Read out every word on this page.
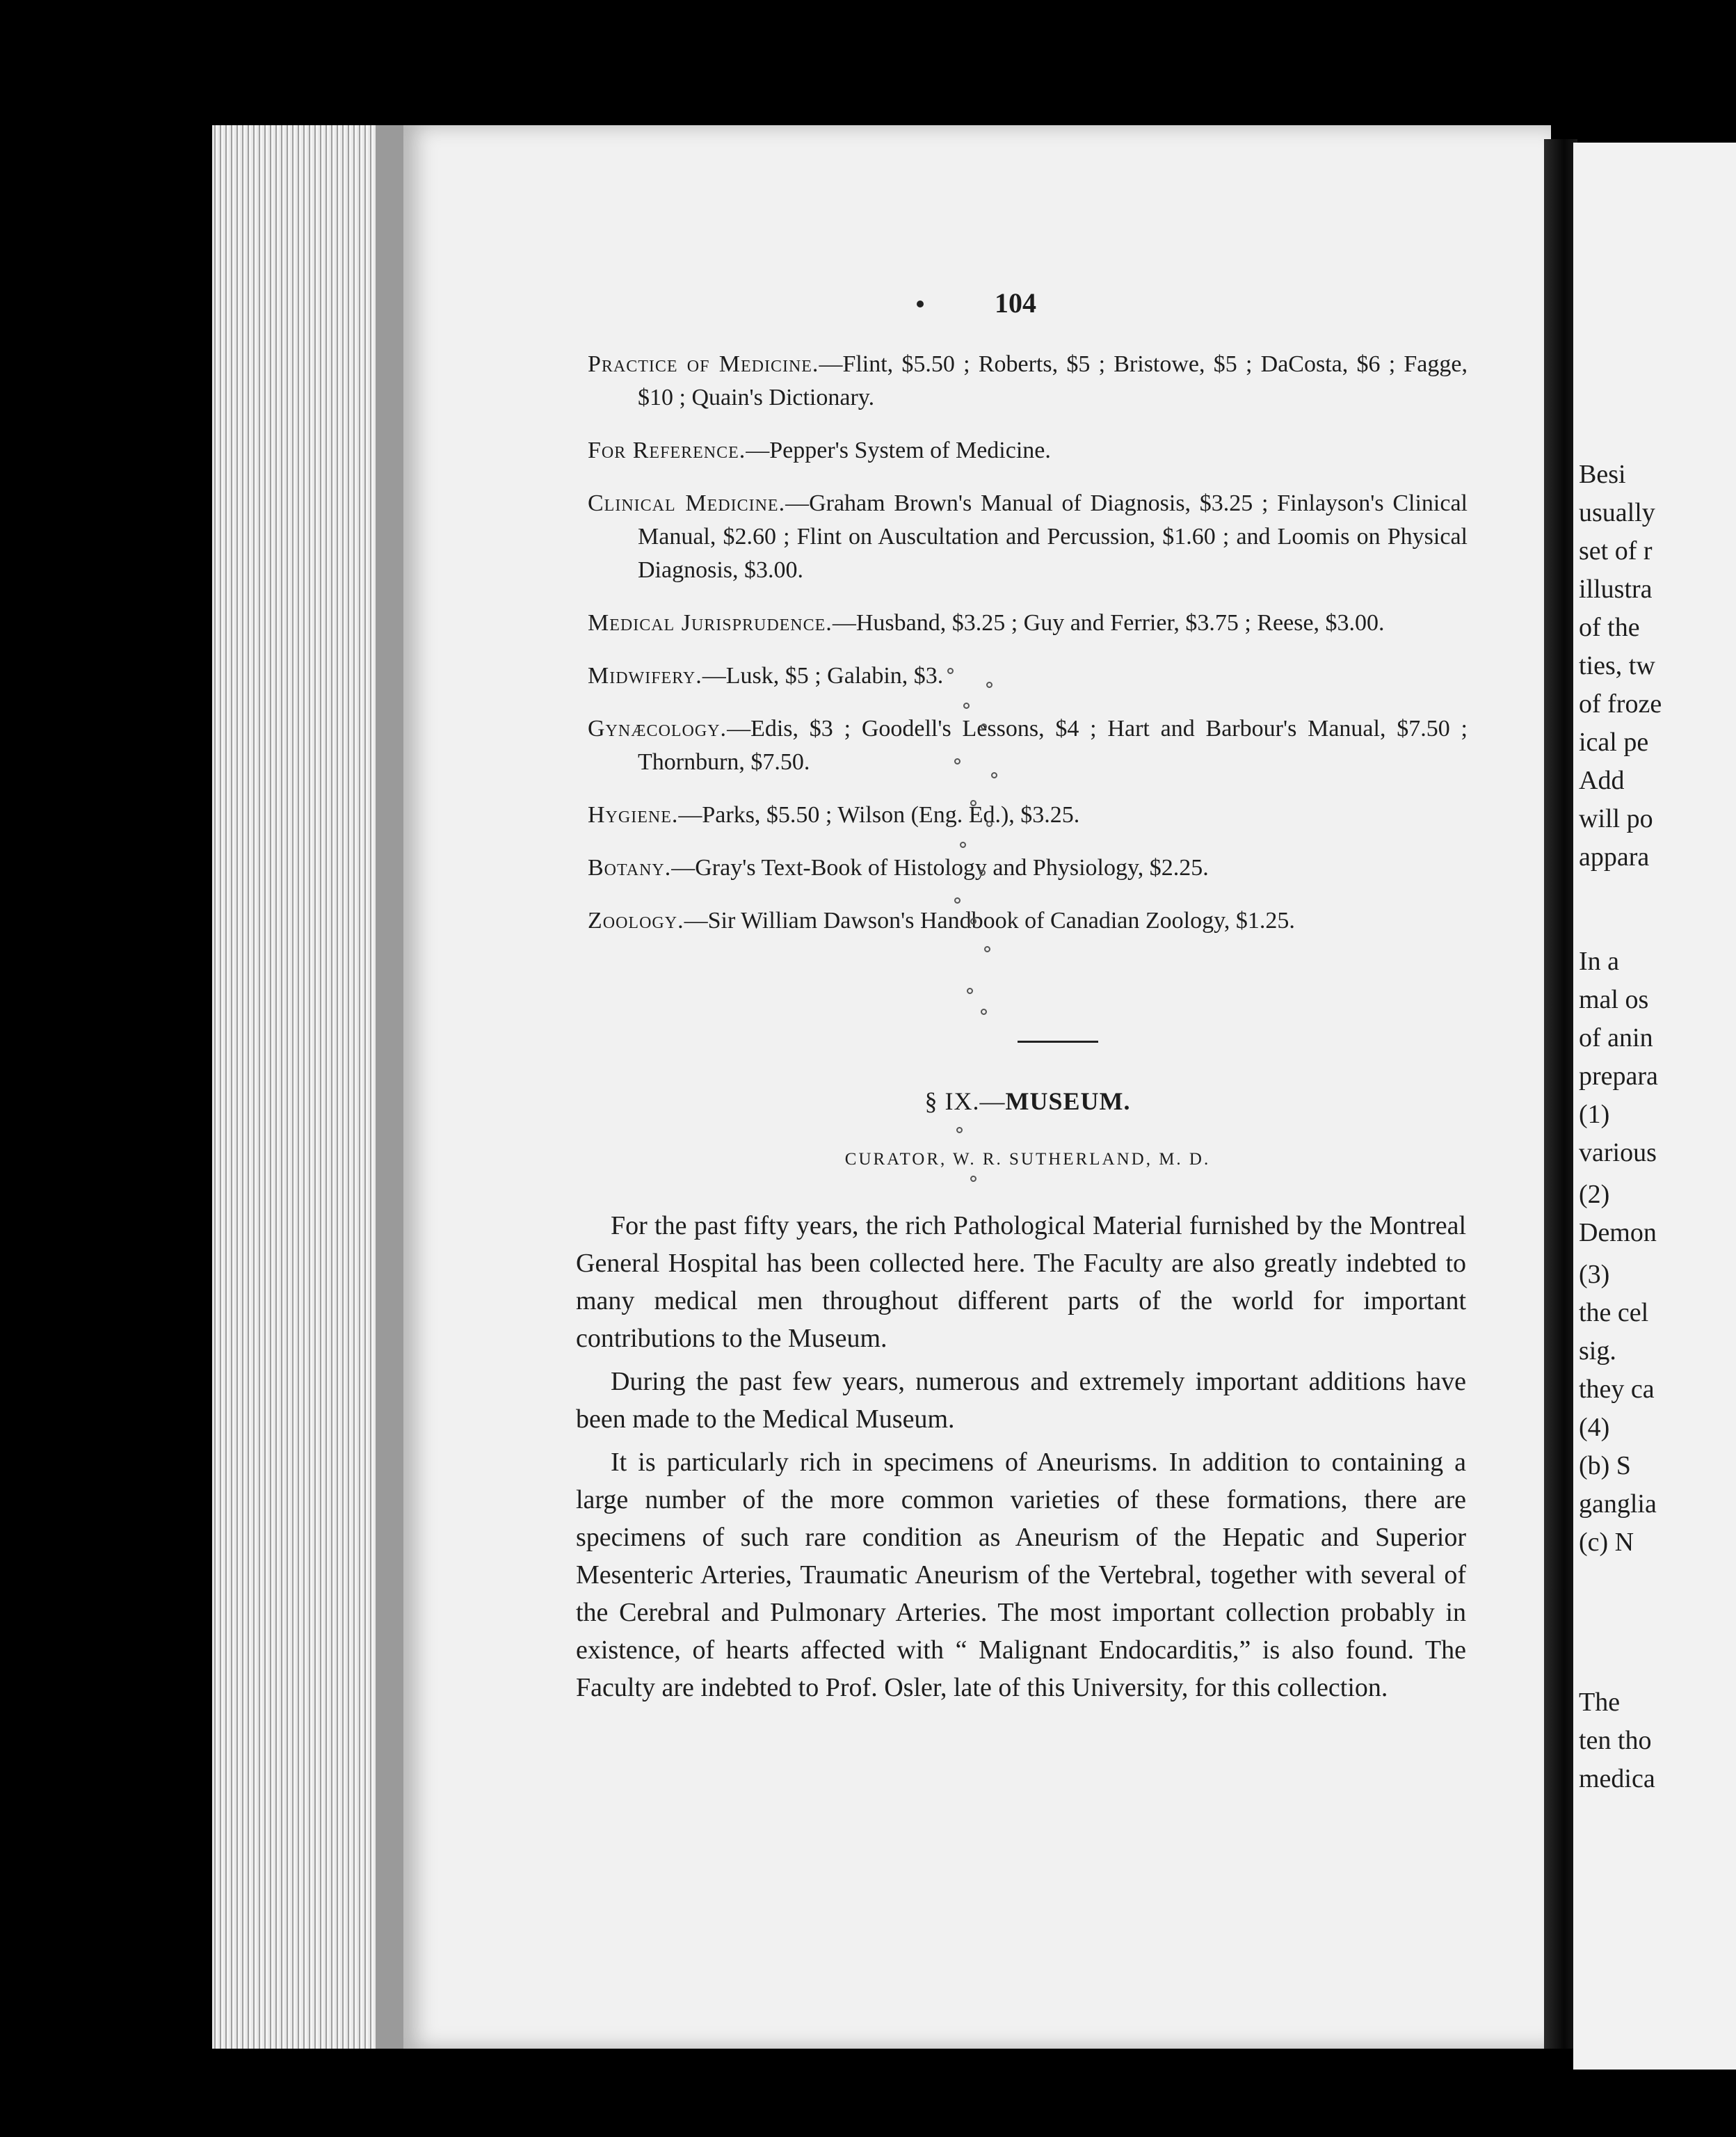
104
Practice of Medicine.—Flint, $5.50 ; Roberts, $5 ; Bristowe, $5 ; DaCosta, $6 ; Fagge, $10 ; Quain's Dictionary.
For Reference.—Pepper's System of Medicine.
Clinical Medicine.—Graham Brown's Manual of Diagnosis, $3.25 ; Finlayson's Clinical Manual, $2.60 ; Flint on Auscultation and Percussion, $1.60 ; and Loomis on Physical Diagnosis, $3.00.
Medical Jurisprudence.—Husband, $3.25 ; Guy and Ferrier, $3.75 ; Reese, $3.00.
Midwifery.—Lusk, $5 ; Galabin, $3.
Gynæcology.—Edis, $3 ; Goodell's Lessons, $4 ; Hart and Barbour's Manual, $7.50 ; Thornburn, $7.50.
Hygiene.—Parks, $5.50 ; Wilson (Eng. Ed.), $3.25.
Botany.—Gray's Text-Book of Histology and Physiology, $2.25.
Zoology.—Sir William Dawson's Handbook of Canadian Zoology, $1.25.
§ IX.—MUSEUM.
CURATOR, W. R. SUTHERLAND, M. D.

For the past fifty years, the rich Pathological Material furnished by the Montreal General Hospital has been collected here. The Faculty are also greatly indebted to many medical men throughout different parts of the world for important contributions to the Museum.

During the past few years, numerous and extremely important additions have been made to the Medical Museum.

It is particularly rich in specimens of Aneurisms. In addition to containing a large number of the more common varieties of these formations, there are specimens of such rare condition as Aneurism of the Hepatic and Superior Mesenteric Arteries, Traumatic Aneurism of the Vertebral, together with several of the Cerebral and Pulmonary Arteries. The most important collection probably in existence, of hearts affected with “ Malignant Endocarditis,” is also found. The Faculty are indebted to Prof. Osler, late of this University, for this collection.

Besi
usually
set of r
illustra
of the
ties, tw
of froze
ical pe
Add
will po
appara
In a
mal os
of anin
prepara
(1)
various
(2)
Demon
(3)
the cel
sig.
they ca
(4)
(b) S
ganglia
(c) N
The
ten tho
medica
